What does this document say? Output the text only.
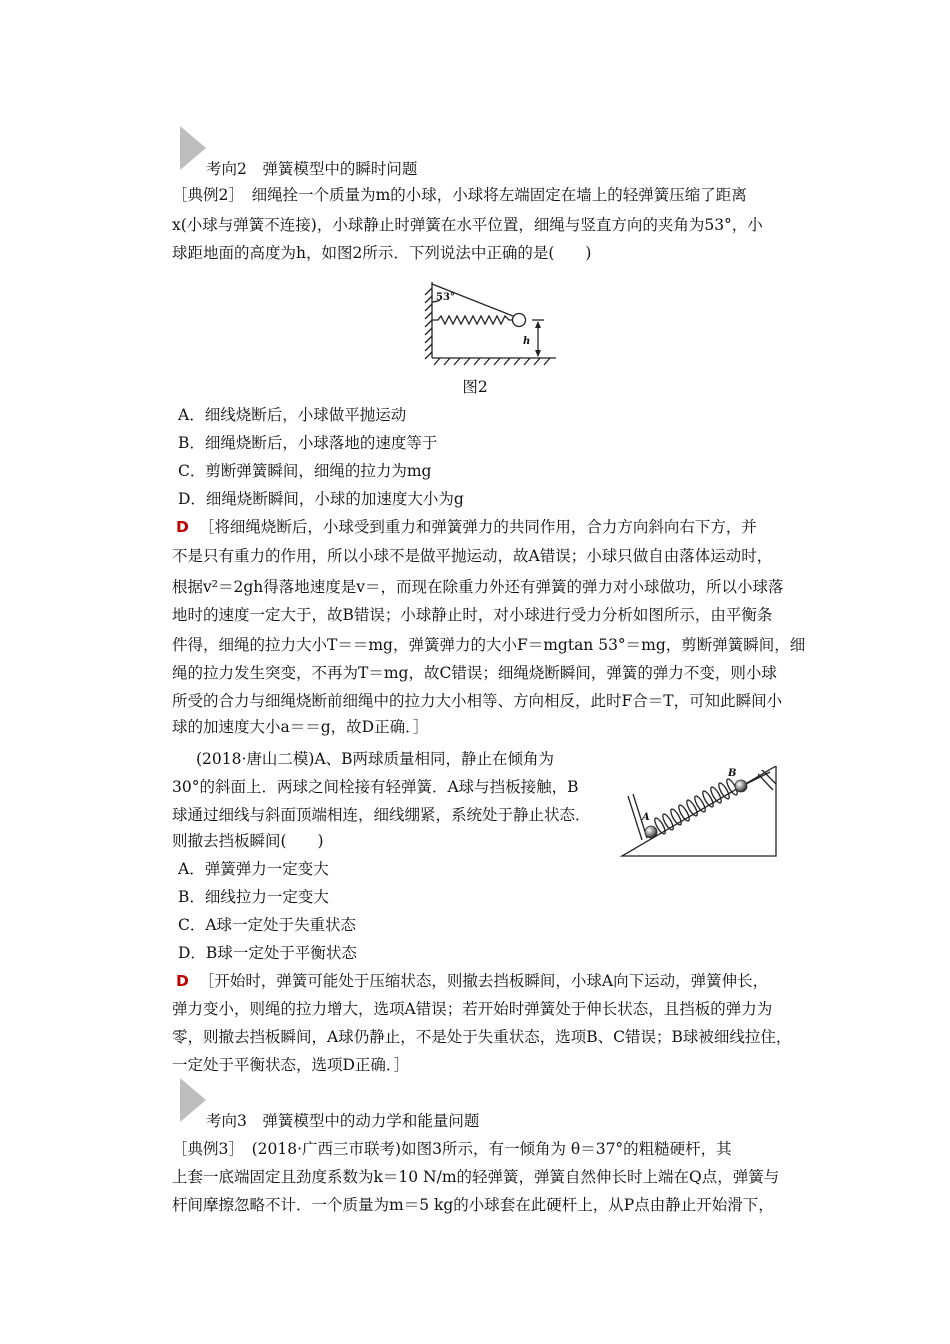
考向2　弹簧模型中的瞬时问题
［典例2］　细绳拴一个质量为m的小球，小球将左端固定在墙上的轻弹簧压缩了距离
x(小球与弹簧不连接)，小球静止时弹簧在水平位置，细绳与竖直方向的夹角为53°，小
球距地面的高度为h，如图2所示．下列说法中正确的是(　　)
53°
h
图2
A．细线烧断后，小球做平抛运动
B．细绳烧断后，小球落地的速度等于
C．剪断弹簧瞬间，细绳的拉力为mg
D．细绳烧断瞬间，小球的加速度大小为g
D ［将细绳烧断后，小球受到重力和弹簧弹力的共同作用，合力方向斜向右下方，并
不是只有重力的作用，所以小球不是做平抛运动，故A错误；小球只做自由落体运动时，
根据v²＝2gh得落地速度是v＝，而现在除重力外还有弹簧的弹力对小球做功，所以小球落
地时的速度一定大于，故B错误；小球静止时，对小球进行受力分析如图所示，由平衡条
件得，细绳的拉力大小T＝＝mg，弹簧弹力的大小F＝mgtan 53°＝mg，剪断弹簧瞬间，细
绳的拉力发生突变，不再为T＝mg，故C错误；细绳烧断瞬间，弹簧的弹力不变，则小球
所受的合力与细绳烧断前细绳中的拉力大小相等、方向相反，此时F合＝T，可知此瞬间小
球的加速度大小a＝＝g，故D正确．］
(2018·唐山二模)A、B两球质量相同，静止在倾角为
30°的斜面上．两球之间栓接有轻弹簧．A球与挡板接触，B
球通过细线与斜面顶端相连，细线绷紧，系统处于静止状态．
则撤去挡板瞬间(　　)
A
B
A．弹簧弹力一定变大
B．细线拉力一定变大
C．A球一定处于失重状态
D．B球一定处于平衡状态
D ［开始时，弹簧可能处于压缩状态，则撤去挡板瞬间，小球A向下运动，弹簧伸长，
弹力变小，则绳的拉力增大，选项A错误；若开始时弹簧处于伸长状态，且挡板的弹力为
零，则撤去挡板瞬间，A球仍静止，不是处于失重状态，选项B、C错误；B球被细线拉住，
一定处于平衡状态，选项D正确．］
考向3　弹簧模型中的动力学和能量问题
［典例3］　(2018·广西三市联考)如图3所示，有一倾角为 θ＝37°的粗糙硬杆，其
上套一底端固定且劲度系数为k＝10 N/m的轻弹簧，弹簧自然伸长时上端在Q点，弹簧与
杆间摩擦忽略不计．一个质量为m＝5 kg的小球套在此硬杆上，从P点由静止开始滑下，
